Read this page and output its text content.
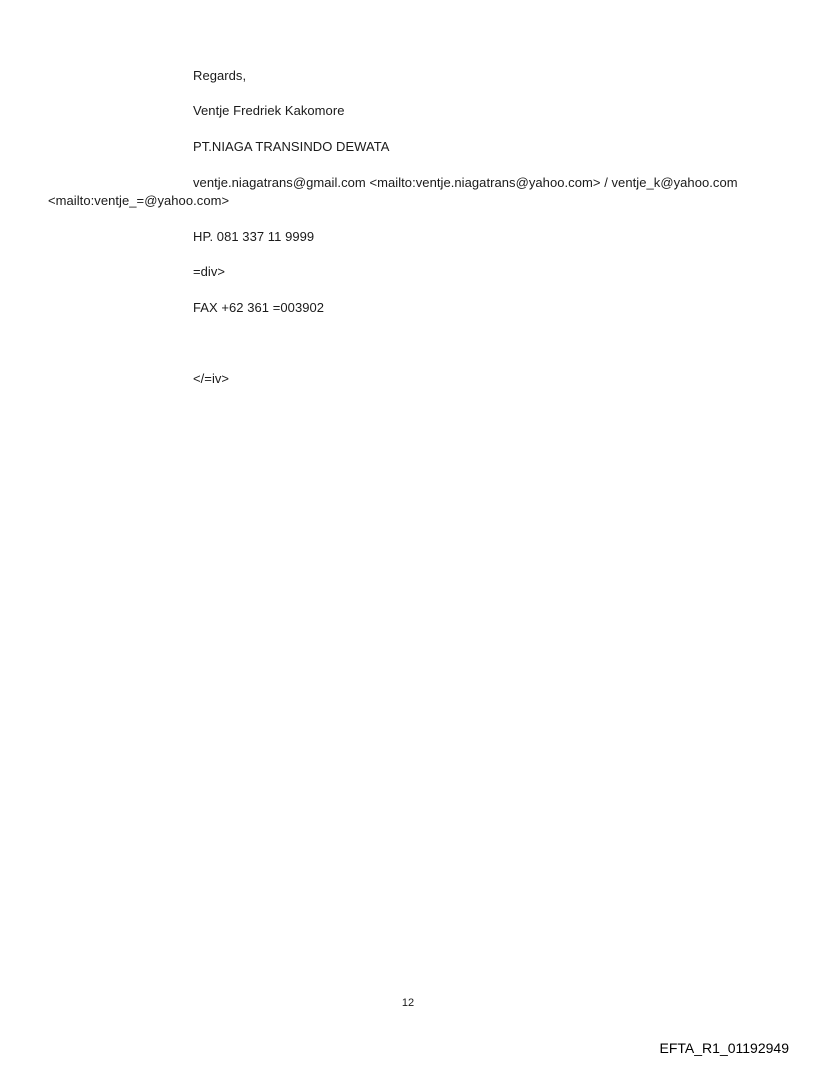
Regards,
Ventje Fredriek Kakomore
PT.NIAGA TRANSINDO DEWATA
ventje.niagatrans@gmail.com <mailto:ventje.niagatrans@yahoo.com> / ventje_k@yahoo.com
<mailto:ventje_=@yahoo.com>
HP. 081 337 11 9999
=div>
FAX +62 361 =003902
</=iv>
12
EFTA_R1_01192949
